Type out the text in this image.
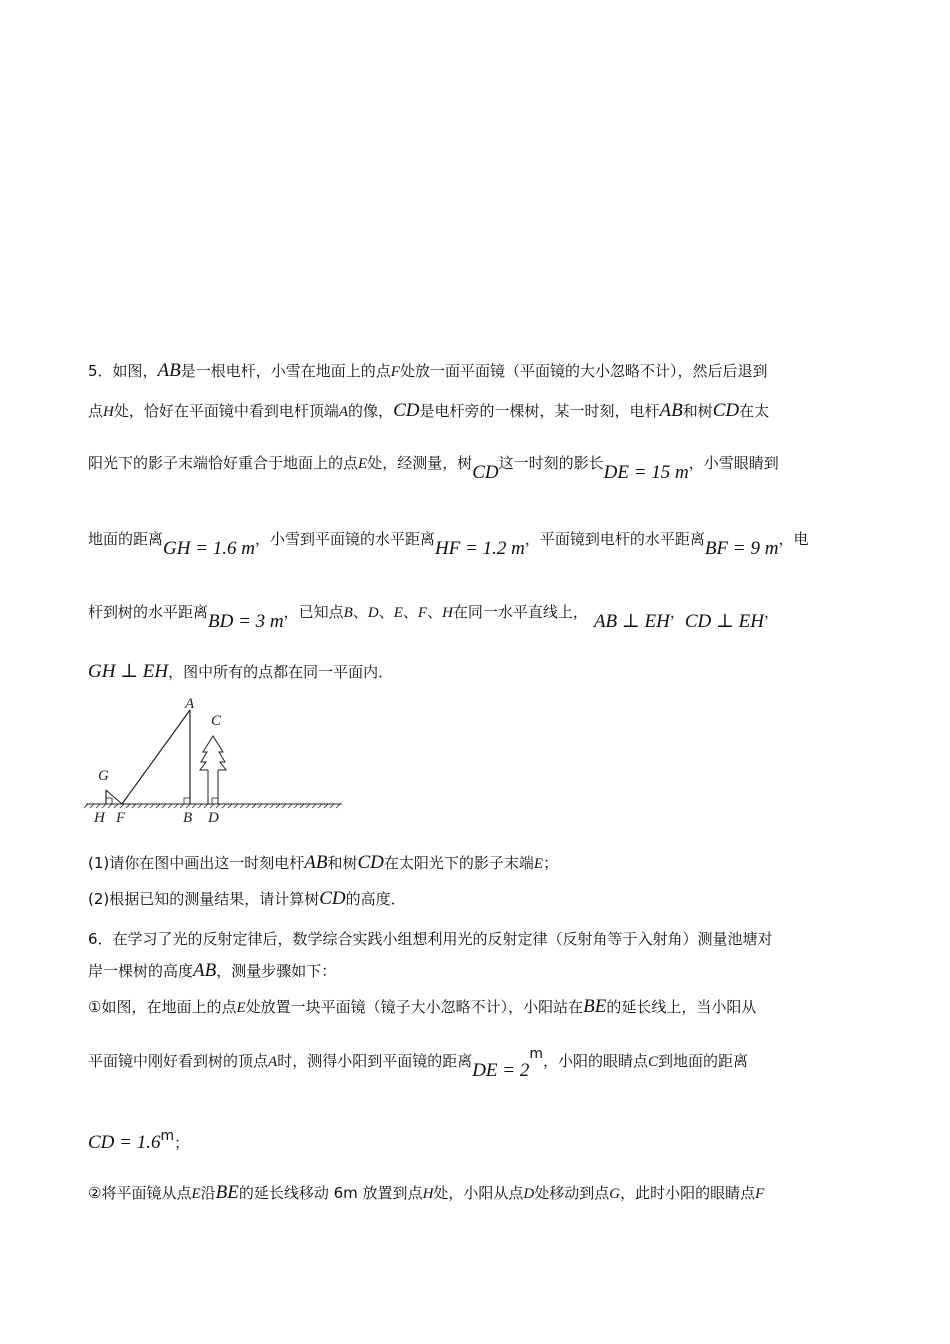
5．如图，AB是一根电杆，小雪在地面上的点F处放一面平面镜（平面镜的大小忽略不计），然后后退到
点H处，恰好在平面镜中看到电杆顶端A的像，CD是电杆旁的一棵树，某一时刻，电杆AB和树CD在太
阳光下的影子末端恰好重合于地面上的点E处，经测量，树CD这一时刻的影长DE = 15 m，小雪眼睛到
地面的距离GH = 1.6 m，小雪到平面镜的水平距离HF = 1.2 m，平面镜到电杆的水平距离BF = 9 m，电
杆到树的水平距离BD = 3 m，已知点B、D、E、F、H在同一水平直线上， AB ⊥ EH，CD ⊥ EH，
GH ⊥ EH，图中所有的点都在同一平面内．
A
C
G
H F	B D
(1)请你在图中画出这一时刻电杆AB和树CD在太阳光下的影子末端E；
(2)根据已知的测量结果，请计算树CD的高度．
6．在学习了光的反射定律后，数学综合实践小组想利用光的反射定律（反射角等于入射角）测量池塘对
岸一棵树的高度AB，测量步骤如下：
①如图，在地面上的点E处放置一块平面镜（镜子大小忽略不计），小阳站在BE的延长线上，当小阳从
平面镜中刚好看到树的顶点A时，测得小阳到平面镜的距离DE = 2m，小阳的眼睛点C到地面的距离
CD = 1.6m；
②将平面镜从点E沿BE的延长线移动 6m 放置到点H处，小阳从点D处移动到点G，此时小阳的眼睛点F
